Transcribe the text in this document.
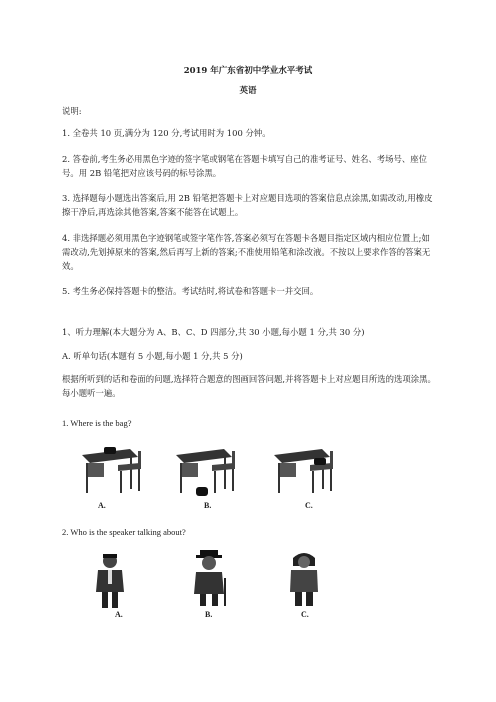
2019 年广东省初中学业水平考试
英语
说明:
1. 全卷共 10 页,满分为 120 分,考试用时为 100 分钟。
2. 答卷前,考生务必用黑色字迹的签字笔或钢笔在答题卡填写自己的准考证号、姓名、考场号、座位号。用 2B 铅笔把对应该号码的标号涂黑。
3. 选择题每小题选出答案后,用 2B 铅笔把答题卡上对应题目选项的答案信息点涂黑,如需改动,用橡皮擦干净后,再选涂其他答案,答案不能答在试题上。
4. 非选择题必须用黑色字迹钢笔或签字笔作答,答案必须写在答题卡各题目指定区域内相应位置上;如需改动,先划掉原来的答案,然后再写上新的答案;不准使用铅笔和涂改液。不按以上要求作答的答案无效。
5. 考生务必保持答题卡的整洁。考试结时,将试卷和答题卡一并交回。
1、听力理解(本大题分为 A、B、C、D 四部分,共 30 小题,每小题 1 分,共 30 分)
A. 听单句话(本题有 5 小题,每小题 1 分,共 5 分)
根据所听到的话和卷面的问题,选择符合题意的图画回答问题,并将答题卡上对应题目所选的选项涂黑。每小题听一遍。
1. Where is the bag?
A.	B.	C.
2. Who is the speaker talking about?
A.	B.	C.
